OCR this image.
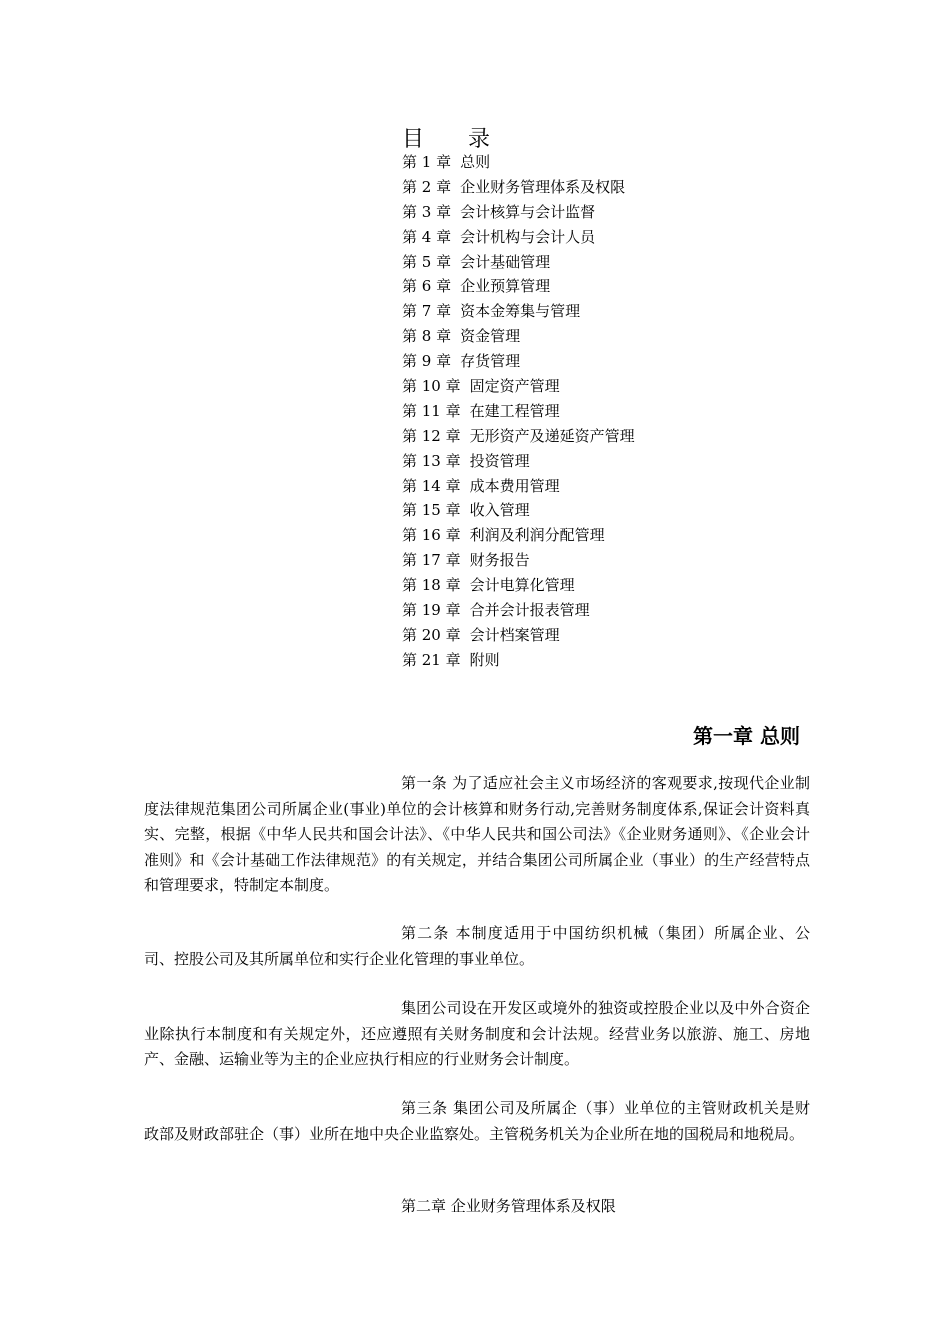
目录
第 1 章 总则
第 2 章 企业财务管理体系及权限
第 3 章 会计核算与会计监督
第 4 章 会计机构与会计人员
第 5 章 会计基础管理
第 6 章 企业预算管理
第 7 章 资本金筹集与管理
第 8 章 资金管理
第 9 章 存货管理
第 10 章 固定资产管理
第 11 章 在建工程管理
第 12 章 无形资产及递延资产管理
第 13 章 投资管理
第 14 章 成本费用管理
第 15 章 收入管理
第 16 章 利润及利润分配管理
第 17 章 财务报告
第 18 章 会计电算化管理
第 19 章 合并会计报表管理
第 20 章 会计档案管理
第 21 章 附则
第一章 总则

第一条 为了适应社会主义市场经济的客观要求,按现代企业制度法律规范集团公司所属企业(事业)单位的会计核算和财务行动,完善财务制度体系,保证会计资料真实、完整，根据《中华人民共和国会计法》、《中华人民共和国公司法》《企业财务通则》、《企业会计准则》和《会计基础工作法律规范》的有关规定，并结合集团公司所属企业（事业）的生产经营特点和管理要求，特制定本制度。

第二条 本制度适用于中国纺织机械（集团）所属企业、公司、控股公司及其所属单位和实行企业化管理的事业单位。

集团公司设在开发区或境外的独资或控股企业以及中外合资企业除执行本制度和有关规定外，还应遵照有关财务制度和会计法规。经营业务以旅游、施工、房地产、金融、运输业等为主的企业应执行相应的行业财务会计制度。

第三条 集团公司及所属企（事）业单位的主管财政机关是财政部及财政部驻企（事）业所在地中央企业监察处。主管税务机关为企业所在地的国税局和地税局。

第二章 企业财务管理体系及权限
